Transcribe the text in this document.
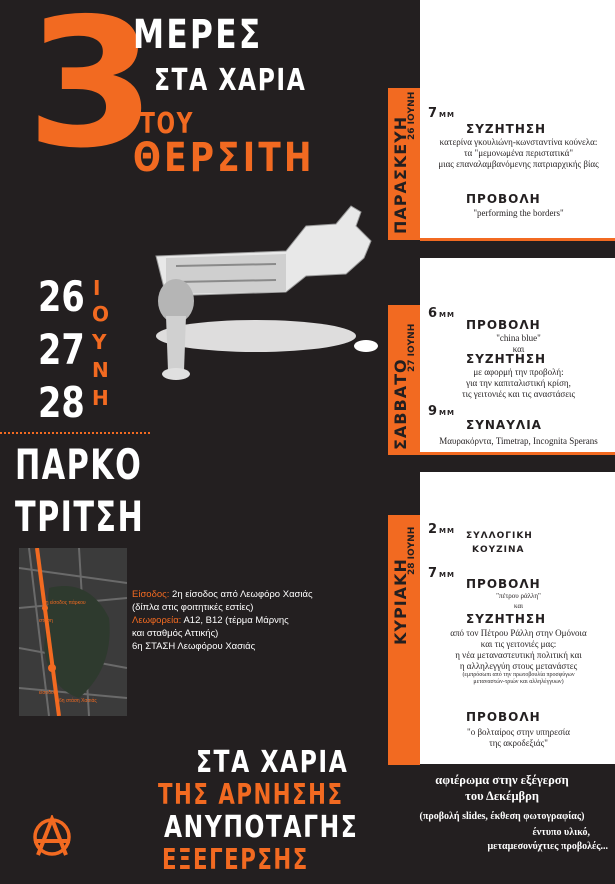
3
ΜΕΡΕΣ
ΣΤΑ ΧΑΡΙΑ
ΤΟΥ
ΘΕΡΣΙΤΗ
26
27
28
Ι
Ο
Υ
Ν
Η
ΠΑΡΚΟ
ΤΡΙΤΣΗ
2η είσοδος πάρκου
στάση
είσοδος
6η στάση Χασιάς
Είσοδος: 2η είσοδος από Λεωφόρο Χασιάς
(δίπλα στις φοιτητικές εστίες)
Λεωφορεία: Α12, Β12 (τέρμα Μάρνης
και σταθμός Αττικής)
6η ΣΤΑΣΗ Λεωφόρου Χασιάς
ΣΤΑ ΧΑΡΙΑ
ΤΗΣ ΑΡΝΗΣΗΣ
ΑΝΥΠΟΤΑΓΗΣ
ΕΞΕΓΕΡΣΗΣ
ΠΑΡΑΣΚΕΥΗ
26 ΙΟΥΝΗ
ΣΑΒΒΑΤΟ
27 ΙΟΥΝΗ
ΚΥΡΙΑΚΗ
28 ΙΟΥΝΗ
7 ΜΜ
ΣΥΖΗΤΗΣΗ
κατερίνα γκουλιώνη-κωνσταντίνα κούνελα:
τα "μεμονωμένα περιστατικά"
μιας επαναλαμβανόμενης πατριαρχικής βίας
ΠΡΟΒΟΛΗ
"performing the borders"
6 ΜΜ
ΠΡΟΒΟΛΗ
"china blue"
και
ΣΥΖΗΤΗΣΗ
με αφορμή την προβολή:
για την καπιταλιστική κρίση,
τις γειτονιές και τις αναστάσεις
9 ΜΜ
ΣΥΝΑΥΛΙΑ
Μαυρακόρντα, Timetrap, Incognita Sperans
2 ΜΜ ΣΥΛΛΟΓΙΚΗ
ΚΟΥΖΙΝΑ
7 ΜΜ
ΠΡΟΒΟΛΗ
"πέτρου ράλλη"
και
ΣΥΖΗΤΗΣΗ
από τον Πέτρου Ράλλη στην Ομόνοια
και τις γειτονιές μας:
η νέα μεταναστευτική πολιτική και
η αλληλεγγύη στους μετανάστες
(εμπρόσωπι από την πρωτοβουλία προσφύγων
μεταναστών-τριών και αλληλέγγυων)
ΠΡΟΒΟΛΗ
"ο βολταίρος στην υπηρεσία
της ακροδεξιάς"
αφιέρωμα στην εξέγερση
του Δεκέμβρη
(προβολή slides, έκθεση φωτογραφίας)
έντυπο υλικό,
μεταμεσονύχτιες προβολές...
